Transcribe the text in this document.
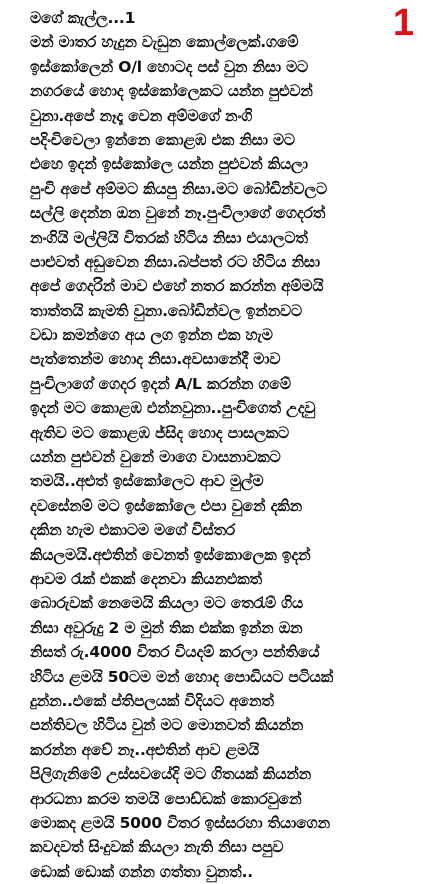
1
මගේ කැල්ල...1
මන් මාතර හැදුන වැඩුන කොල්ලෙක්.ගමේ
ඉස්කෝලෙන් O/l හොටද පස් වුන නිසා මට
නගරයේ හොද ඉස්කෝලෙකට යන්න පුළුවන්
වුනා.අපේ නෑදෑ වෙන අම්මගේ නංගි
පදිංචිවෙලා ඉන්නෙ කොළඹ එක නිසා මට
එහෙ ඉදන් ඉස්කෝලෙ යන්න පුළුවන් කියලා
පුංචි අපේ අම්මට කියපු නිසා.මට බෝඩින්වලට
සල්ලි දෙන්න ඔන වුනේ නෑ.පුංචිලාගේ ගෙදරත්
නංගියි මල්ලියි විතරක් හිටිය නිසා එයාලටත්
පාළුවත් අඩුවෙන නිසා.බප්පත් රට හිටිය නිසා
අපේ ගෙදරින් මාව එහේ නතර කරන්න අම්මයි
තාත්තයි කැමති වුනා.බෝඩින්වල ඉන්නවට
වඩා කමන්ගෙ අය ලග ඉන්න එක හැම
පැත්තෙන්ම හොද නිසා.අවසානේදී මාව
පුංචිලාගේ ගෙදර ඉදන් A/L කරන්න ගමේ
ඉදන් මට කොළඹ එන්නවුනා..පුංචිගෙත් උදවු
ඇතිව මට කොළඹ ජ්සිද හොද පාසලකට
යන්න පුළුවන් වුනේ මාගෙ වාසනාවකට
තමයි..අළුත් ඉස්කෝලෙට ආව මුල්ම
දවසේනම් මට ඉස්කෝලෙ එපා වුනේ දකින
දකින හැම එකාටම මගේ විස්තර
කියලමයි.අළුතින් වෙනත් ඉස්කොලෙක ඉදන්
ආවම රැක් එකක් දෙනවා කියනඑකත්
බොරුවක් නෙමෙයි කියලා මට තෙරැම් ගිය
නිසා අවුරුදු 2 ම මුන් තික එක්ක ඉන්න ඔන
නිසත් රු.4000 විතර වියදම් කරලා පන්තියේ
හිටිය ළමයි 50ටම මන් හොද පොඩියට පටියක්
දුන්න..එකේ ප්තිපලයක් විදියට අනෙත්
පන්තිවල හිටිය වුන් මට මොනවත් කියන්න
කරන්න අවේ නෑ..අළුතින් ආව ළමයි
පිලිගැනිමේ උස්සවයේදි මට ගිතයක් කියන්න
ආරධනා කරම තමයි පොඩ්ඩක් කොරවුනේ
මොකද ළමයි 5000 විතර ඉස්සරහා තියාගෙන
කවදවත් සිංදුවක් කියලා නැති නිසා පපුව
ඩොක් ඩොක් ගන්න ගත්තා වුනත්..
